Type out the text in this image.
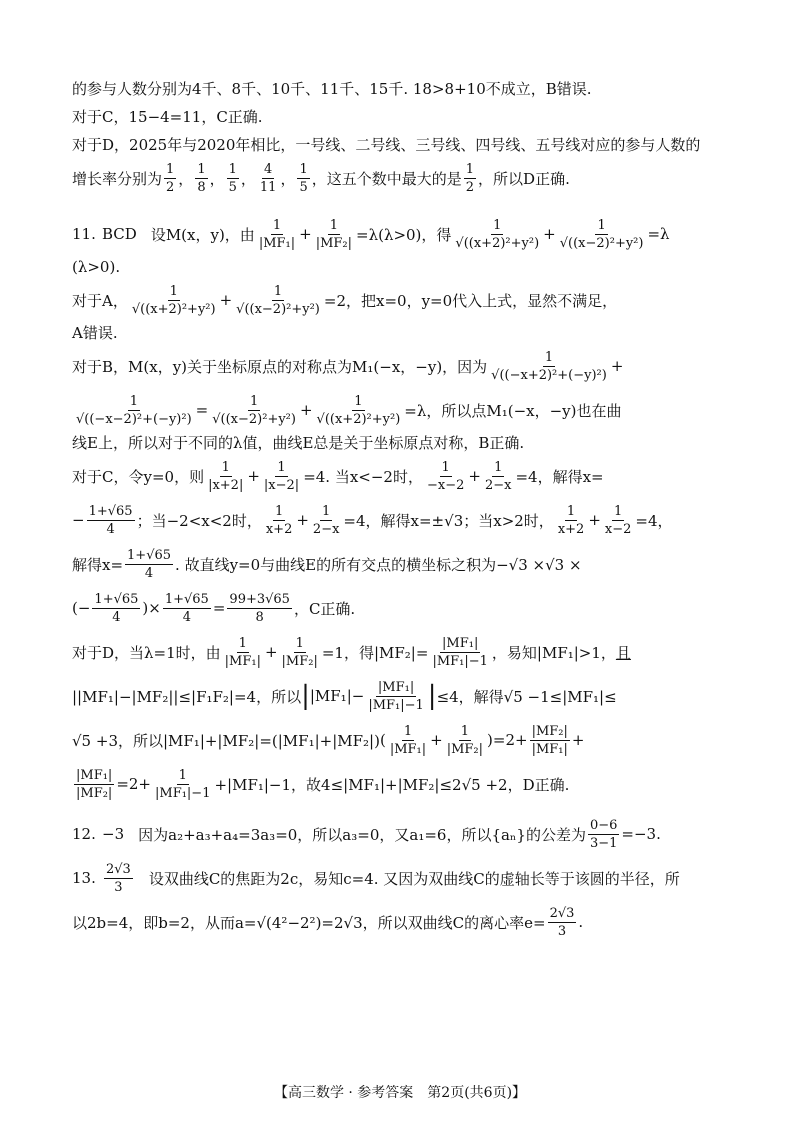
的参与人数分别为4千、8千、10千、11千、15千. 18>8+10不成立，B错误.

对于C，15−4=11，C正确.

对于D，2025年与2020年相比，一号线、二号线、三号线、四号线、五号线对应的参与人数的

增长率分别为 $\frac{1}{2}$ ， $\frac{1}{8}$ ， $\frac{1}{5}$ ， $\frac{4}{11}$ ， $\frac{1}{5}$ ，这五个数中最大的是 $\frac{1}{2}$ ，所以D正确.
11. BCD 设M(x，y)，由 $\frac{1}{\text{|MF₁|}} + \frac{1}{\text{|MF₂|}} =\lambda(\lambda>0)$，得 $\frac{1}{\text{√((x+2)²+y²)}} + \frac{1}{\text{√((x−2)²+y²)}} =\lambda$

(λ>0).

对于A， $\frac{1}{\text{√((x+2)²+y²)}} + \frac{1}{\text{√((x−2)²+y²)}} =2$，把x=0，y=0代入上式，显然不满足，

A错误.

对于B，M(x，y)关于坐标原点的对称点为M₁(−x，−y)，因为 $\frac{1}{\text{√((−x+2)²+(−y)²)}}$ +
$\frac{1}{\text{√((−x−2)²+(−y)²)}} = \frac{1}{\text{√((x−2)²+y²)}} + \frac{1}{\text{√((x+2)²+y²)}} =\lambda$，所以点M₁(−x，−y)也在曲

线E上，所以对于不同的λ值，曲线E总是关于坐标原点对称，B正确.

对于C，令y=0，则 $\frac{1}{|x+2|} + \frac{1}{|x-2|} =4$. 当x<−2时， $\frac{1}{-x-2} + \frac{1}{2-x} =4$，解得x=
− $\frac{1+√65}{4}$ ；当−2<x<2时， $\frac{1}{x+2} + \frac{1}{2-x} =4$，解得x=±√3；当x>2时， $\frac{1}{x+2} + \frac{1}{x-2} =4$，
解得$x= \frac{1+√65}{4}$ . 故直线y=0与曲线E的所有交点的横坐标之积为−√3 ×√3 ×
(− $\frac{1+√65}{4}$ )× $\frac{1+√65}{4} = \frac{99+3√65}{8}$ ，C正确.
对于D，当λ=1时，由 $\frac{1}{\text{|MF₁|}} + \frac{1}{\text{|MF₂|}} =1$，得$|MF_2|= \frac{\text{|MF₁|}}{\text{|MF₁|−1}}$ ，易知|MF₁|>1， 且
||MF₁|−|MF₂||≤|F₁F₂|=4，所以 | $|MF_1|- \frac{\text{|MF₁|}}{\text{|MF₁|−1}}$ | ≤4，解得√5 −1≤|MF₁|≤
√5 +3，所以|MF₁|+|MF₂|=(|MF₁|+|MF₂|) ( $\frac{1}{\text{|MF₁|}} + \frac{1}{\text{|MF₂|}}$ ) $=2+ \frac{\text{|MF₂|}}{\text{|MF₁|}}$ +
$\frac{\text{|MF₁|}}{\text{|MF₂|}} =2+ \frac{1}{\text{|MF₁|−1}} +|MF_1|-1$，故4≤|MF₁|+|MF₂|≤2√5 +2，D正确.
12. −3 因为a₂+a₃+a₄=3a₃=0，所以a₃=0，又a₁=6，所以{aₙ}的公差为 $\frac{0-6}{3-1} =-3$.
13. $\frac{2√3}{3}$ 设双曲线C的焦距为2c，易知c=4. 又因为双曲线C的虚轴长等于该圆的半径，所
以2b=4，即b=2，从而a=√(4²−2²)=2√3，所以双曲线C的离心率$e= \frac{2√3}{3}$ .
【高三数学 · 参考答案　第2页(共6页)】
